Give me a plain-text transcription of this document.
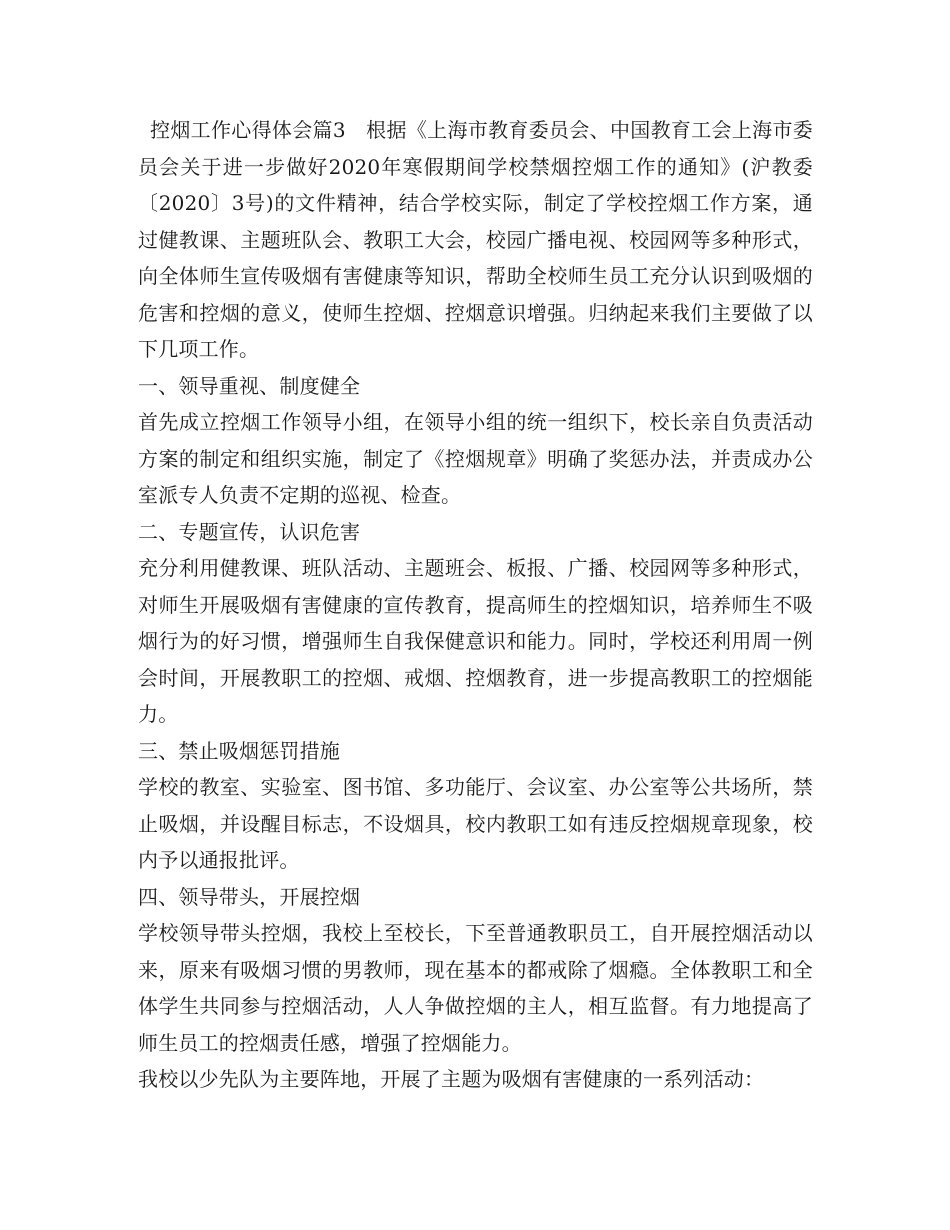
控烟工作心得体会篇3　根据《上海市教育委员会、中国教育工会上海市委员会关于进一步做好2020年寒假期间学校禁烟控烟工作的通知》(沪教委〔2020〕3号)的文件精神，结合学校实际，制定了学校控烟工作方案，通过健教课、主题班队会、教职工大会，校园广播电视、校园网等多种形式，向全体师生宣传吸烟有害健康等知识，帮助全校师生员工充分认识到吸烟的危害和控烟的意义，使师生控烟、控烟意识增强。归纳起来我们主要做了以下几项工作。

一、领导重视、制度健全

首先成立控烟工作领导小组，在领导小组的统一组织下，校长亲自负责活动方案的制定和组织实施，制定了《控烟规章》明确了奖惩办法，并责成办公室派专人负责不定期的巡视、检查。

二、专题宣传，认识危害

充分利用健教课、班队活动、主题班会、板报、广播、校园网等多种形式，对师生开展吸烟有害健康的宣传教育，提高师生的控烟知识，培养师生不吸烟行为的好习惯，增强师生自我保健意识和能力。同时，学校还利用周一例会时间，开展教职工的控烟、戒烟、控烟教育，进一步提高教职工的控烟能力。

三、禁止吸烟惩罚措施

学校的教室、实验室、图书馆、多功能厅、会议室、办公室等公共场所，禁止吸烟，并设醒目标志，不设烟具，校内教职工如有违反控烟规章现象，校内予以通报批评。

四、领导带头，开展控烟

学校领导带头控烟，我校上至校长，下至普通教职员工，自开展控烟活动以来，原来有吸烟习惯的男教师，现在基本的都戒除了烟瘾。全体教职工和全体学生共同参与控烟活动，人人争做控烟的主人，相互监督。有力地提高了师生员工的控烟责任感，增强了控烟能力。

我校以少先队为主要阵地，开展了主题为吸烟有害健康的一系列活动：
